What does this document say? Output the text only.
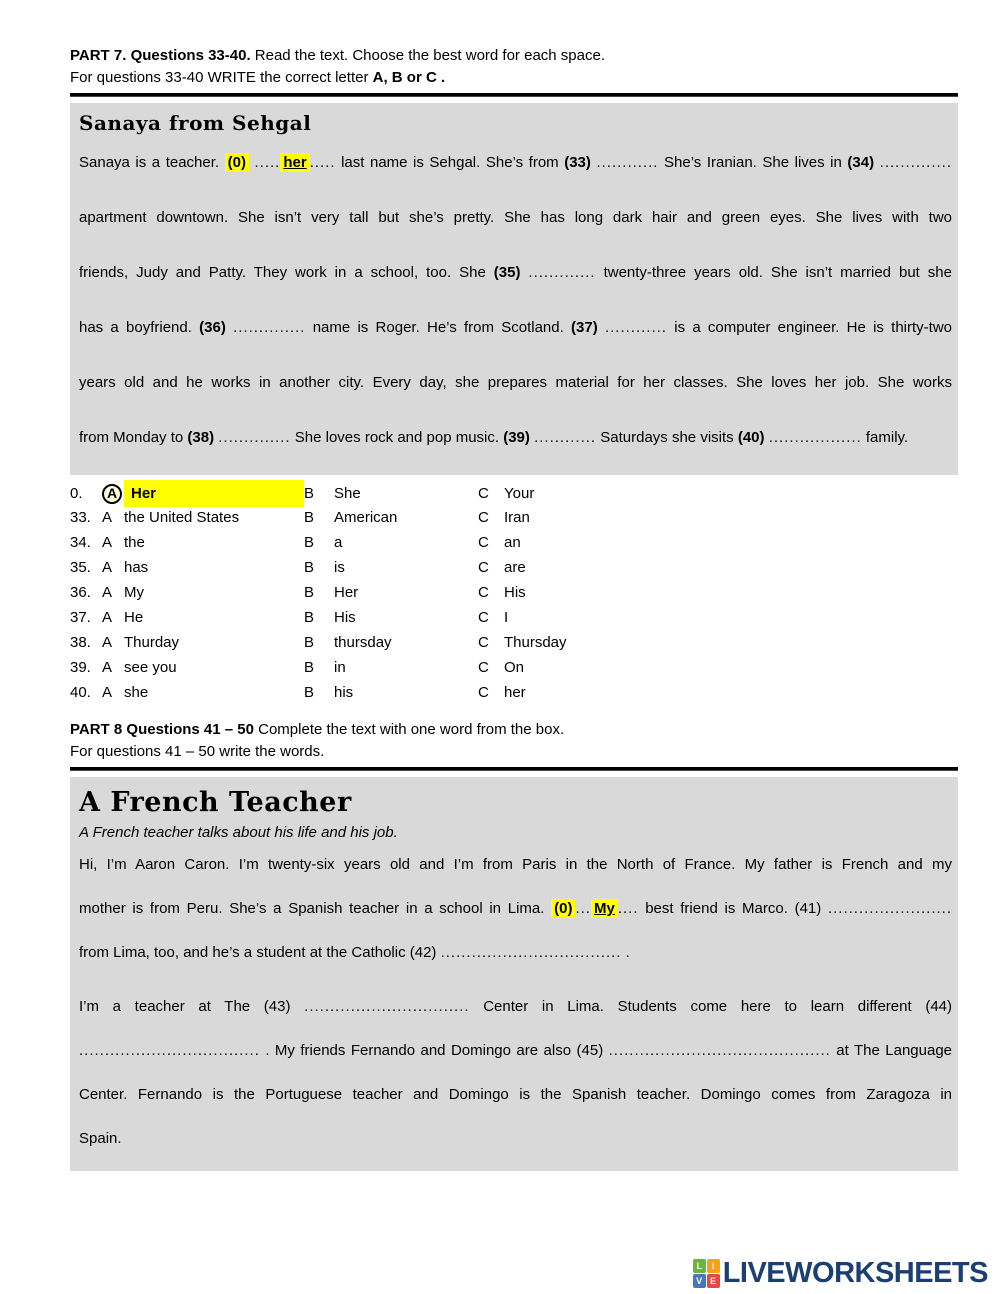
PART 7. Questions 33-40. Read the text. Choose the best word for each space.

For questions 33-40 WRITE the correct letter A, B or C .

Sanaya from Sehgal
Sanaya is a teacher. (0) ..... her ..... last name is Sehgal. She’s from (33) ............ She’s Iranian. She lives in (34) ..............
apartment downtown. She isn’t very tall but she’s pretty. She has long dark hair and green eyes. She lives with two
friends, Judy and Patty. They work in a school, too. She (35) ............. twenty-three years old. She isn’t married but she
has a boyfriend. (36) .............. name is Roger. He’s from Scotland. (37) ............ is a computer engineer. He is thirty-two
years old and he works in another city. Every day, she prepares material for her classes. She loves her job. She works
from Monday to (38) .............. She loves rock and pop music. (39) ............ Saturdays she visits (40) .................. family.
0.	A Her	B	She	C	Your
33. A the United States	B	American	C	Iran
34. A the	B	a	C	an
35. A has	B	is	C	are
36. A My	B	Her	C	His
37. A He	B	His	C	I
38. A Thurday	B	thursday	C	Thursday
39. A see you	B	in	C	On
40. A she	B	his	C	her

PART 8 Questions 41 – 50 Complete the text with one word from the box.

For questions 41 – 50 write the words.

A French Teacher

A French teacher talks about his life and his job.

Hi, I’m Aaron Caron. I’m twenty-six years old and I’m from Paris in the North of France. My father is French and my
mother is from Peru. She’s a Spanish teacher in a school in Lima. (0) ... My .... best friend is Marco. (41) ........................
from Lima, too, and he’s a student at the Catholic (42) ................................... .
I’m a teacher at The (43) ................................ Center in Lima. Students come here to learn different (44)
................................... . My friends Fernando and Domingo are also (45) ........................................... at The Language
Center. Fernando is the Portuguese teacher and Domingo is the Spanish teacher. Domingo comes from Zaragoza in
Spain.
L	I
V E LIVEWORKSHEETS
